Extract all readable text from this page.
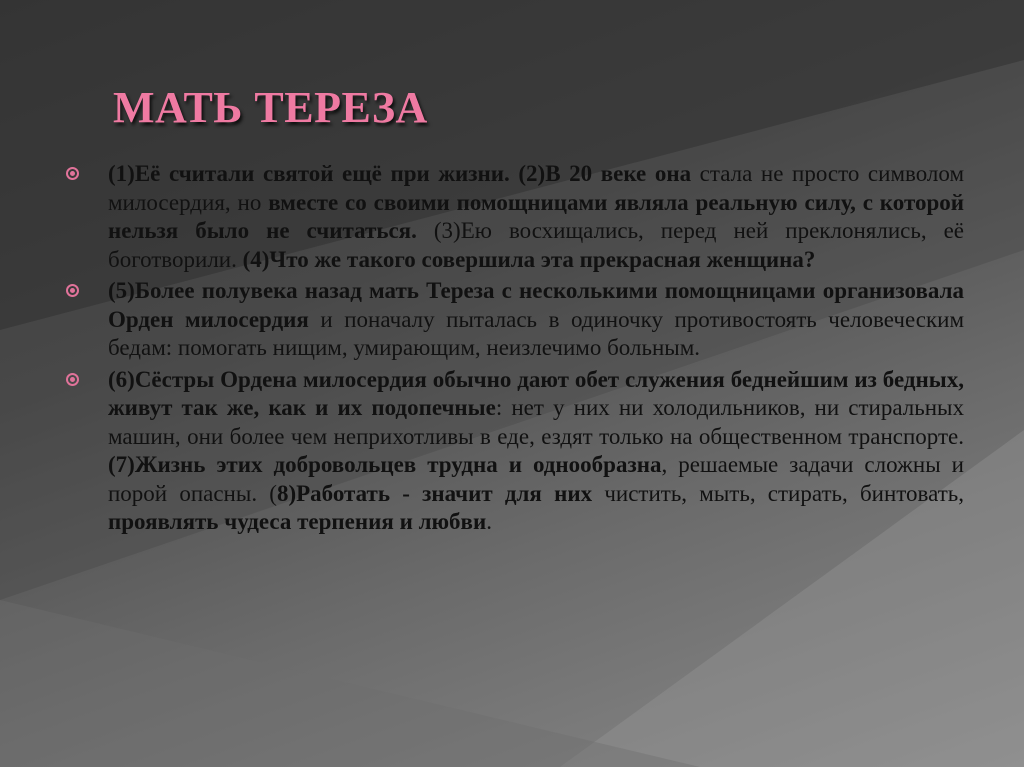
МАТЬ ТЕРЕЗА
(1)Её считали святой ещё при жизни. (2)В 20 веке она стала не просто символом милосердия, но вместе со своими помощницами являла реальную силу, с которой нельзя было не считаться. (3)Ею восхищались, перед ней преклонялись, её боготворили. (4)Что же такого совершила эта прекрасная женщина?
(5)Более полувека назад мать Тереза с несколькими помощницами организовала Орден милосердия и поначалу пыталась в одиночку противостоять человеческим бедам: помогать нищим, умирающим, неизлечимо больным.
(6)Сёстры Ордена милосердия обычно дают обет служения беднейшим из бедных, живут так же, как и их подопечные: нет у них ни холодильников, ни стиральных машин, они более чем неприхотливы в еде, ездят только на общественном транспорте. (7)Жизнь этих добровольцев трудна и однообразна, решаемые задачи сложны и порой опасны. (8)Работать - значит для них чистить, мыть, стирать, бинтовать, проявлять чудеса терпения и любви.
